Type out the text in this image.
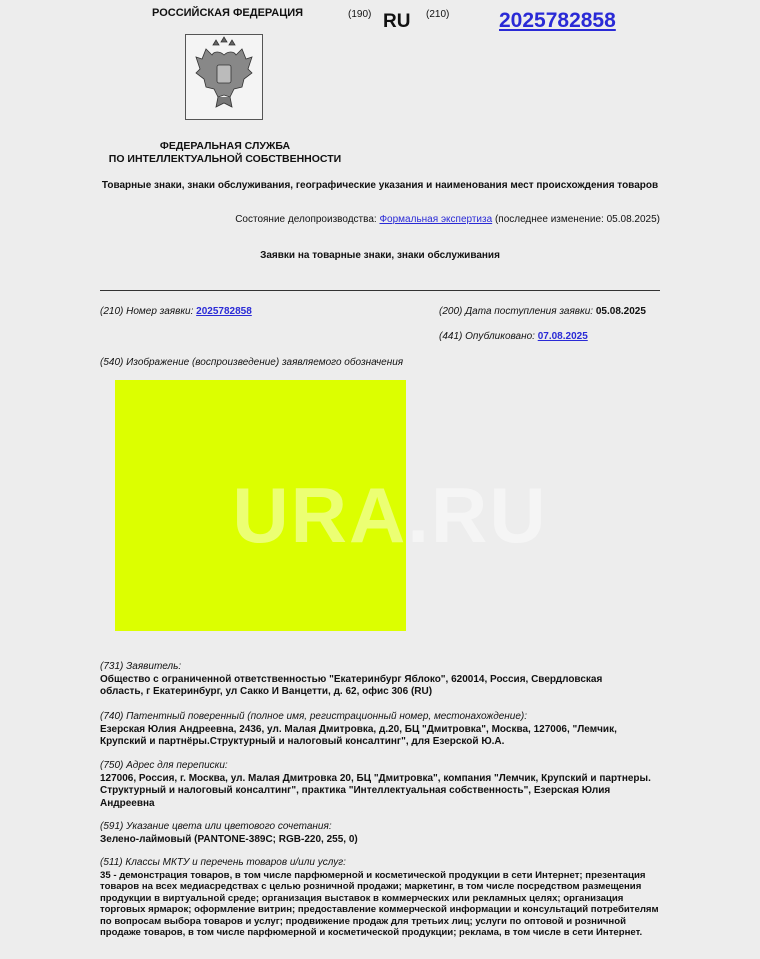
РОССИЙСКАЯ ФЕДЕРАЦИЯ	(190) RU (210) 2025782858
ФЕДЕРАЛЬНАЯ СЛУЖБА
ПО ИНТЕЛЛЕКТУАЛЬНОЙ СОБСТВЕННОСТИ
Товарные знаки, знаки обслуживания, географические указания и наименования мест происхождения товаров
Состояние делопроизводства: Формальная экспертиза (последнее изменение: 05.08.2025)
Заявки на товарные знаки, знаки обслуживания
(210) Номер заявки: 2025782858	(200) Дата поступления заявки: 05.08.2025
(441) Опубликовано: 07.08.2025
(540) Изображение (воспроизведение) заявляемого обозначения
URA.RU
(731) Заявитель:
Общество с ограниченной ответственностью "Екатеринбург Яблоко", 620014, Россия, Свердловская область, г Екатеринбург, ул Сакко И Ванцетти, д. 62, офис 306 (RU)
(740) Патентный поверенный (полное имя, регистрационный номер, местонахождение):
Езерская Юлия Андреевна, 2436, ул. Малая Дмитровка, д.20, БЦ "Дмитровка", Москва, 127006, "Лемчик, Крупский и партнёры.Структурный и налоговый консалтинг", для Езерской Ю.А.
(750) Адрес для переписки:
127006, Россия, г. Москва, ул. Малая Дмитровка 20, БЦ "Дмитровка", компания "Лемчик, Крупский и партнеры. Структурный и налоговый консалтинг", практика "Интеллектуальная собственность", Езерская Юлия Андреевна
(591) Указание цвета или цветового сочетания:
Зелено-лаймовый (PANTONE-389C; RGB-220, 255, 0)
(511) Классы МКТУ и перечень товаров и/или услуг:
35 - демонстрация товаров, в том числе парфюмерной и косметической продукции в сети Интернет; презентация товаров на всех медиасредствах с целью розничной продажи; маркетинг, в том числе посредством размещения продукции в виртуальной среде; организация выставок в коммерческих или рекламных целях; организация торговых ярмарок; оформление витрин; предоставление коммерческой информации и консультаций потребителям по вопросам выбора товаров и услуг; продвижение продаж для третьих лиц; услуги по оптовой и розничной продаже товаров, в том числе парфюмерной и косметической продукции; реклама, в том числе в сети Интернет.
